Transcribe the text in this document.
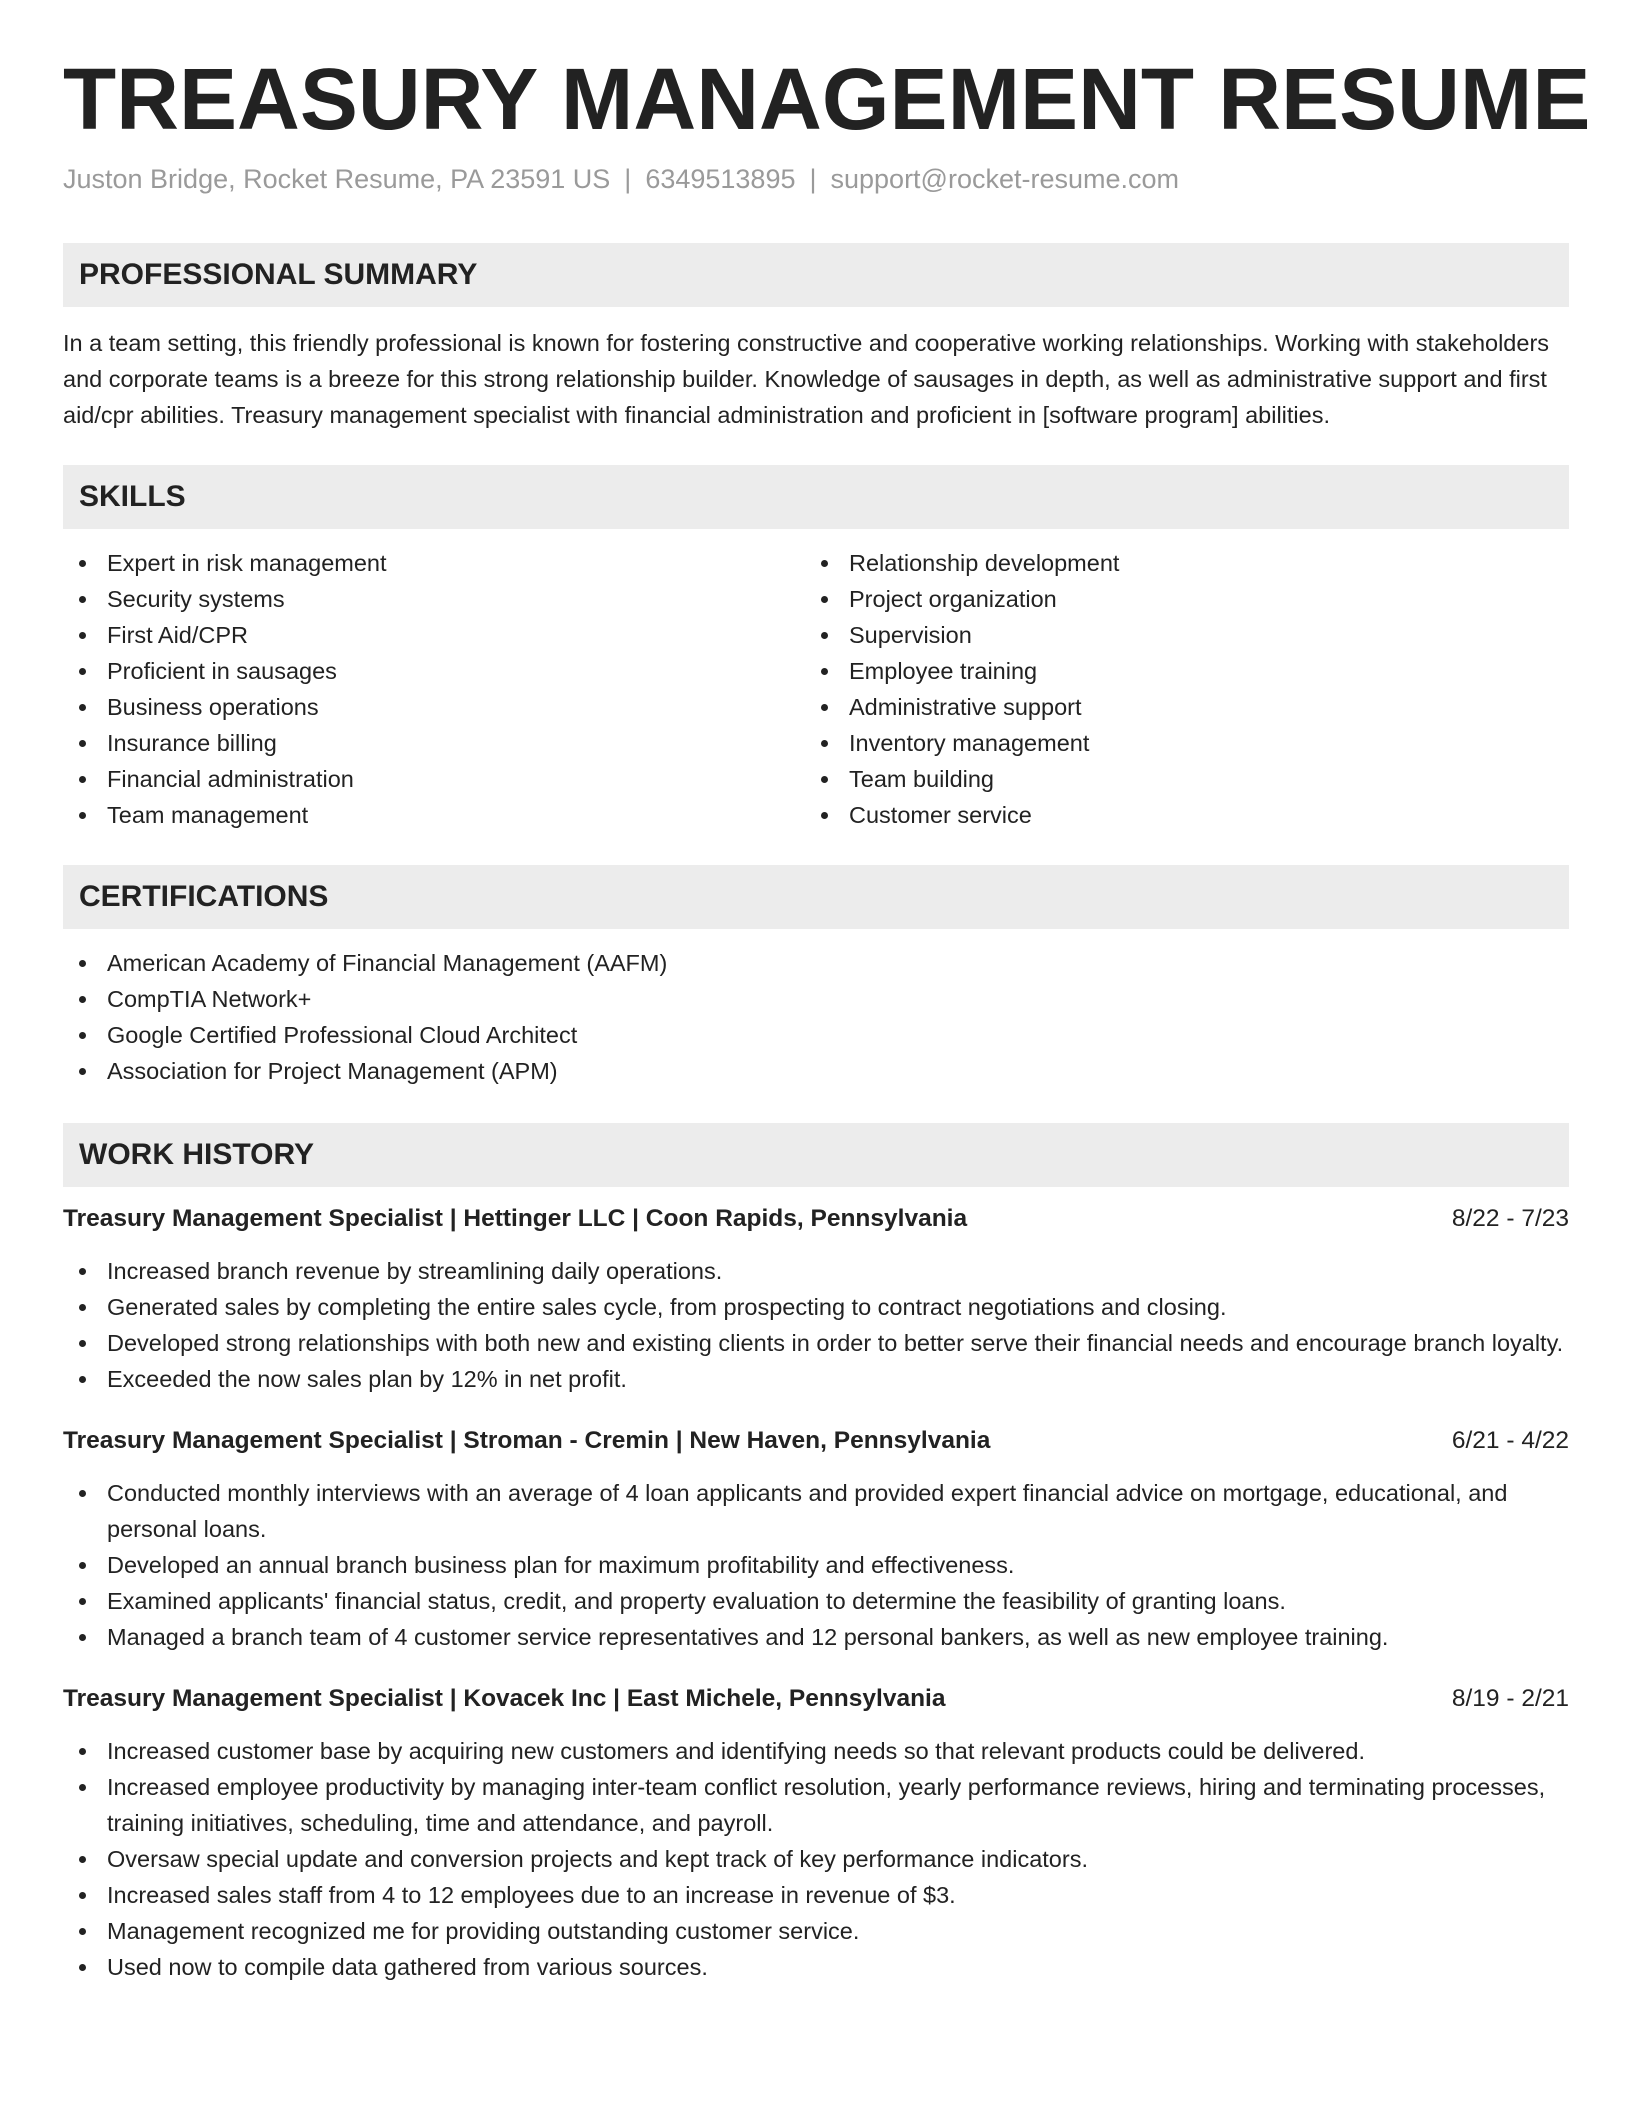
TREASURY MANAGEMENT RESUME
Juston Bridge, Rocket Resume, PA 23591 US | 6349513895 | support@rocket-resume.com
PROFESSIONAL SUMMARY

In a team setting, this friendly professional is known for fostering constructive and cooperative working relationships. Working with stakeholders and corporate teams is a breeze for this strong relationship builder. Knowledge of sausages in depth, as well as administrative support and first aid/cpr abilities. Treasury management specialist with financial administration and proficient in [software program] abilities.

SKILLS
Expert in risk management
Security systems
First Aid/CPR
Proficient in sausages
Business operations
Insurance billing
Financial administration
Team management
Relationship development
Project organization
Supervision
Employee training
Administrative support
Inventory management
Team building
Customer service
CERTIFICATIONS
American Academy of Financial Management (AAFM)
CompTIA Network+
Google Certified Professional Cloud Architect
Association for Project Management (APM)
WORK HISTORY
Treasury Management Specialist | Hettinger LLC | Coon Rapids, Pennsylvania	8/22 - 7/23
Increased branch revenue by streamlining daily operations.
Generated sales by completing the entire sales cycle, from prospecting to contract negotiations and closing.
Developed strong relationships with both new and existing clients in order to better serve their financial needs and encourage branch loyalty.
Exceeded the now sales plan by 12% in net profit.
Treasury Management Specialist | Stroman - Cremin | New Haven, Pennsylvania	6/21 - 4/22
Conducted monthly interviews with an average of 4 loan applicants and provided expert financial advice on mortgage, educational, and personal loans.
Developed an annual branch business plan for maximum profitability and effectiveness.
Examined applicants' financial status, credit, and property evaluation to determine the feasibility of granting loans.
Managed a branch team of 4 customer service representatives and 12 personal bankers, as well as new employee training.
Treasury Management Specialist | Kovacek Inc | East Michele, Pennsylvania	8/19 - 2/21
Increased customer base by acquiring new customers and identifying needs so that relevant products could be delivered.
Increased employee productivity by managing inter-team conflict resolution, yearly performance reviews, hiring and terminating processes, training initiatives, scheduling, time and attendance, and payroll.
Oversaw special update and conversion projects and kept track of key performance indicators.
Increased sales staff from 4 to 12 employees due to an increase in revenue of $3.
Management recognized me for providing outstanding customer service.
Used now to compile data gathered from various sources.
